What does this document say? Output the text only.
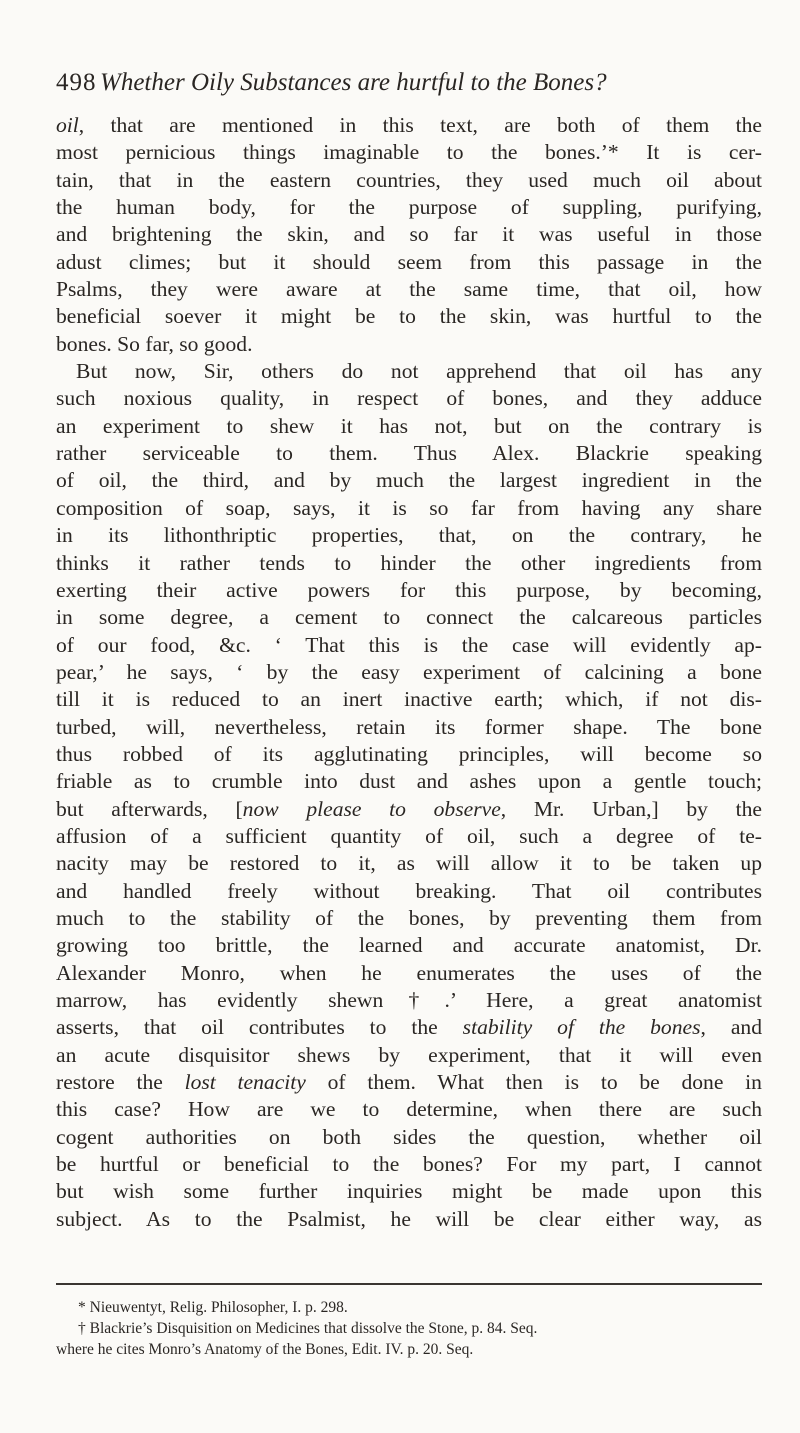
498 Whether Oily Substances are hurtful to the Bones?
oil, that are mentioned in this text, are both of them the
most pernicious things imaginable to the bones.’* It is cer-
tain, that in the eastern countries, they used much oil about
the human body, for the purpose of suppling, purifying,
and brightening the skin, and so far it was useful in those
adust climes; but it should seem from this passage in the
Psalms, they were aware at the same time, that oil, how
beneficial soever it might be to the skin, was hurtful to the
bones. So far, so good.
But now, Sir, others do not apprehend that oil has any
such noxious quality, in respect of bones, and they adduce
an experiment to shew it has not, but on the contrary is
rather serviceable to them. Thus Alex. Blackrie speaking
of oil, the third, and by much the largest ingredient in the
composition of soap, says, it is so far from having any share
in its lithonthriptic properties, that, on the contrary, he
thinks it rather tends to hinder the other ingredients from
exerting their active powers for this purpose, by becoming,
in some degree, a cement to connect the calcareous particles
of our food, &c. ‘ That this is the case will evidently ap-
pear,’ he says, ‘ by the easy experiment of calcining a bone
till it is reduced to an inert inactive earth; which, if not dis-
turbed, will, nevertheless, retain its former shape. The bone
thus robbed of its agglutinating principles, will become so
friable as to crumble into dust and ashes upon a gentle touch;
but afterwards, [now please to observe, Mr. Urban,] by the
affusion of a sufficient quantity of oil, such a degree of te-
nacity may be restored to it, as will allow it to be taken up
and handled freely without breaking. That oil contributes
much to the stability of the bones, by preventing them from
growing too brittle, the learned and accurate anatomist, Dr.
Alexander Monro, when he enumerates the uses of the
marrow, has evidently shewn†.’ Here, a great anatomist
asserts, that oil contributes to the stability of the bones, and
an acute disquisitor shews by experiment, that it will even
restore the lost tenacity of them. What then is to be done in
this case? How are we to determine, when there are such
cogent authorities on both sides the question, whether oil
be hurtful or beneficial to the bones? For my part, I cannot
but wish some further inquiries might be made upon this
subject. As to the Psalmist, he will be clear either way, as
* Nieuwentyt, Relig. Philosopher, I. p. 298.
† Blackrie’s Disquisition on Medicines that dissolve the Stone, p. 84. Seq.
where he cites Monro’s Anatomy of the Bones, Edit. IV. p. 20. Seq.
